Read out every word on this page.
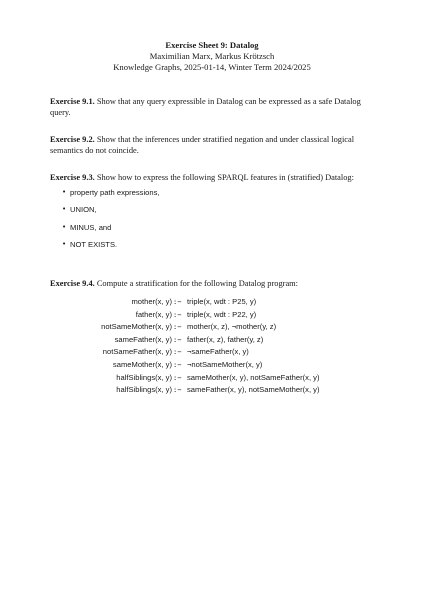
Exercise Sheet 9: Datalog
Maximilian Marx, Markus Krötzsch
Knowledge Graphs, 2025-01-14, Winter Term 2024/2025
Exercise 9.1. Show that any query expressible in Datalog can be expressed as a safe Datalog query.
Exercise 9.2. Show that the inferences under stratified negation and under classical logical semantics do not coincide.
Exercise 9.3. Show how to express the following SPARQL features in (stratified) Datalog:
• property path expressions,
• UNION,
• MINUS, and
• NOT EXISTS.
Exercise 9.4. Compute a stratification for the following Datalog program:
mother(x, y) :− triple(x, wdt : P25, y)
father(x, y) :− triple(x, wdt : P22, y)
notSameMother(x, y) :− mother(x, z), ¬mother(y, z)
sameFather(x, y) :− father(x, z), father(y, z)
notSameFather(x, y) :− ¬sameFather(x, y)
sameMother(x, y) :− ¬notSameMother(x, y)
halfSiblings(x, y) :− sameMother(x, y), notSameFather(x, y)
halfSiblings(x, y) :− sameFather(x, y), notSameMother(x, y)
